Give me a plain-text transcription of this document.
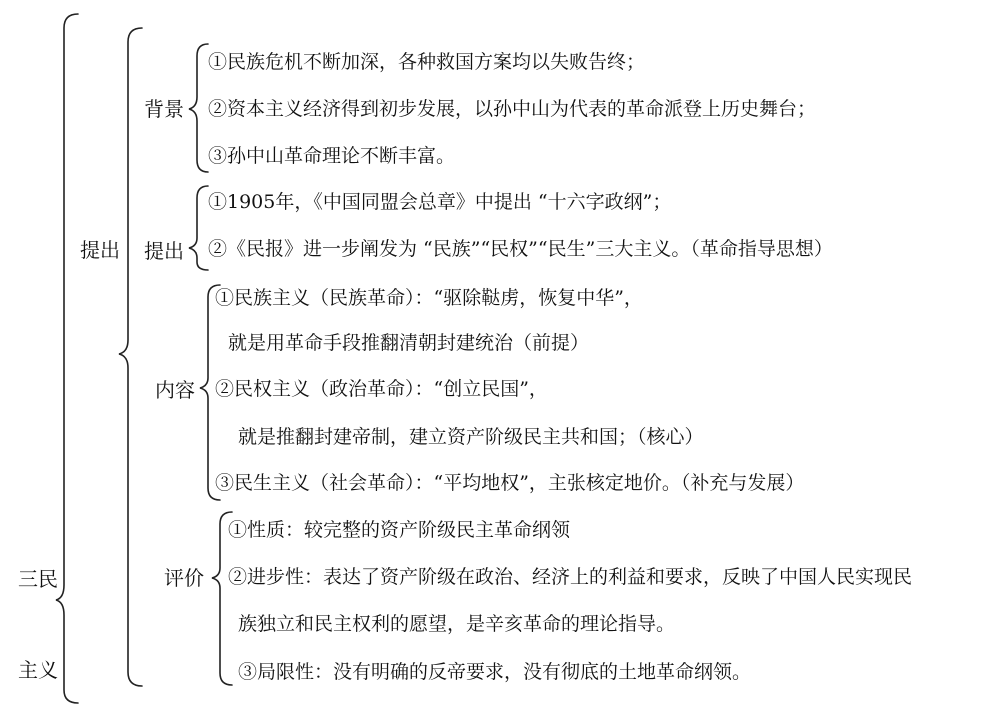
三民
主义
提出
背景
提出
内容
评价
①民族危机不断加深，各种救国方案均以失败告终；
②资本主义经济得到初步发展，以孙中山为代表的革命派登上历史舞台；
③孙中山革命理论不断丰富。
①1905年，《中国同盟会总章》中提出 “十六字政纲”；
②《民报》进一步阐发为 “民族”“民权”“民生”三大主义。（革命指导思想）
①民族主义（民族革命）：“驱除鞑虏，恢复中华”，
就是用革命手段推翻清朝封建统治（前提）
②民权主义（政治革命）：“创立民国”，
就是推翻封建帝制，建立资产阶级民主共和国；（核心）
③民生主义（社会革命）：“平均地权”，主张核定地价。（补充与发展）
①性质：较完整的资产阶级民主革命纲领
②进步性：表达了资产阶级在政治、经济上的利益和要求，反映了中国人民实现民
族独立和民主权利的愿望，是辛亥革命的理论指导。
③局限性：没有明确的反帝要求，没有彻底的土地革命纲领。
